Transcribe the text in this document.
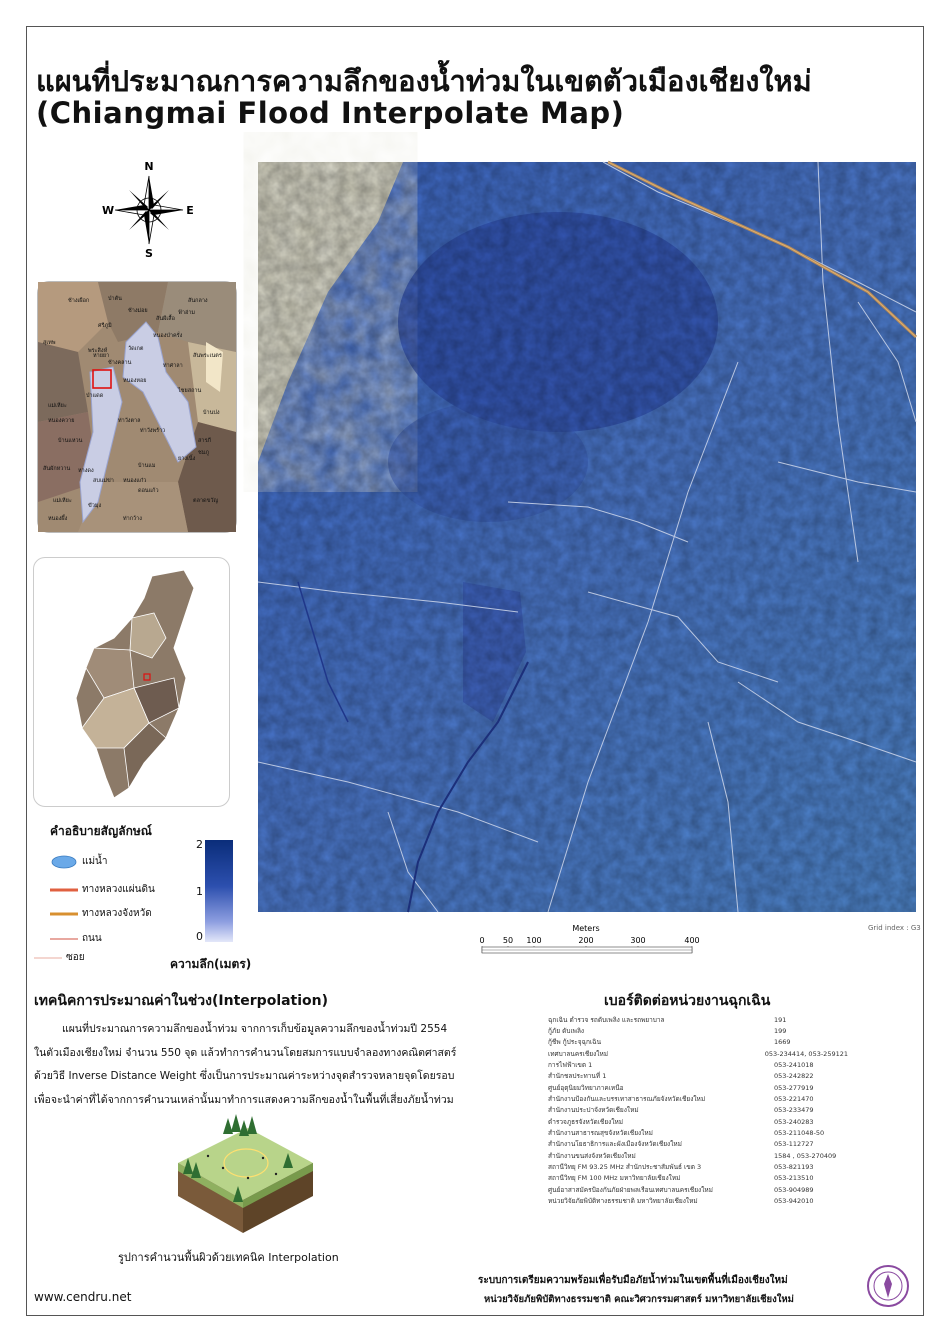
แผนที่ประมาณการความลึกของน้ำท่วมในเขตตัวเมืองเชียงใหม่
(Chiangmai Flood Interpolate Map)
N
S
E
W
ช้างเผือก	ป่าตัน
ศรีภูมิ
พระสิงห์
สุเทพ
หายยา
ช้างคลาน
วัดเกต
ช้างม่อย
หนองหอย
ท่าศาลา
หนองป่าครั่ง
สันผีเสื้อ
ฟ้าฮ่าม
ป่าแดด
แม่เหียะ
หนองควาย
สันพระเนตร
บ้านแหวน
หางดง
ท่าวังตาล
สันผักหวาน
ยางเนิ้ง
ไชยสถาน
ท่าวังพร้าว
สารภี
ชมภู
สันกลาง
หนองผึ้ง	ท่ากว้าง
ขัวมุง
หนองแก๋ว
บ้านปง
สบแม่ข่า
ดอนแก้ว
แม่เหียะ	ตลาดขวัญ
บ้านแม
คำอธิบายสัญลักษณ์
แม่น้ำ
ทางหลวงแผ่นดิน
ทางหลวงจังหวัด
ถนน
ซอย
2
1
0
ความลึก(เมตร)
Meters
0 50 100	200	300	400
Grid index : G3
เทคนิคการประมาณค่าในช่วง(Interpolation)
แผนที่ประมาณการความลึกของน้ำท่วม จากการเก็บข้อมูลความลึกของน้ำท่วมปี 2554
ในตัวเมืองเชียงใหม่ จำนวน 550 จุด แล้วทำการคำนวนโดยสมการแบบจำลองทางคณิตศาสตร์
ด้วยวิธี Inverse Distance Weight ซึ่งเป็นการประมาณค่าระหว่างจุดสำรวจหลายจุดโดยรอบ
เพื่อจะนำค่าที่ได้จากการคำนวนเหล่านั้นมาทำการแสดงความลึกของน้ำในพื้นที่เสี่ยงภัยน้ำท่วม
รูปการคำนวนพื้นผิวด้วยเทคนิค Interpolation
www.cendru.net
เบอร์ติดต่อหน่วยงานฉุกเฉิน
ฉุกเฉิน ตำรวจ รถดับเพลิง และรถพยาบาล	191
กู้ภัย ดับเพลิง	199
กู้ชีพ กู้ประจุฉุกเฉิน	1669
เทศบาลนครเชียงใหม่	053-234414, 053-259121
การไฟฟ้าเขต 1	053-241018
สำนักชลประทานที่ 1	053-242822
ศูนย์อุตุนิยมวิทยาภาคเหนือ	053-277919
สำนักงานป้องกันและบรรเทาสาธารณภัยจังหวัดเชียงใหม่	053-221470
สำนักงานประปาจังหวัดเชียงใหม่	053-233479
ตำรวจภูธรจังหวัดเชียงใหม่	053-240283
สำนักงานสาธารณสุขจังหวัดเชียงใหม่	053-211048-50
สำนักงานโยธาธิการและผังเมืองจังหวัดเชียงใหม่	053-112727
สำนักงานขนส่งจังหวัดเชียงใหม่	1584 , 053-270409
สถานีวิทยุ FM 93.25 MHz สำนักประชาสัมพันธ์ เขต 3	053-821193
สถานีวิทยุ FM 100 MHz มหาวิทยาลัยเชียงใหม่	053-213510
ศูนย์อาสาสมัครป้องกันภัยฝ่ายพลเรือนเทศบาลนครเชียงใหม่	053-904989
หน่วยวิจัยภัยพิบัติทางธรรมชาติ มหาวิทยาลัยเชียงใหม่	053-942010
ระบบการเตรียมความพร้อมเพื่อรับมือภัยน้ำท่วมในเขตพื้นที่เมืองเชียงใหม่
หน่วยวิจัยภัยพิบัติทางธรรมชาติ คณะวิศวกรรมศาสตร์ มหาวิทยาลัยเชียงใหม่
